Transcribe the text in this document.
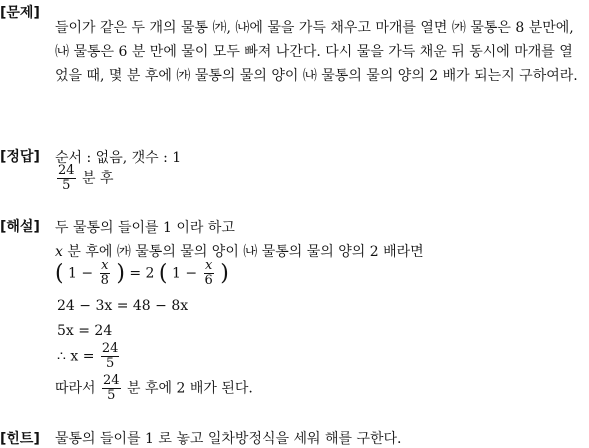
[문제]
들이가 같은 두 개의 물통 ㈎, ㈏에 물을 가득 채우고 마개를 열면 ㈎ 물통은 8 분만에, ㈏ 물통은 6 분 만에 물이 모두 빠져 나간다. 다시 물을 가득 채운 뒤 동시에 마개를 열었을 때, 몇 분 후에 ㈎ 물통의 물의 양이 ㈏ 물통의 물의 양의 2 배가 되는지 구하여라.
[정답] 순서 : 없음, 갯수 : 1
$\frac{24}{5}$ 분 후
[해설] 두 물통의 들이를 1 이라 하고
x 분 후에 ㈎ 물통의 물의 양이 ㈏ 물통의 물의 양의 2 배라면
( $1 - \frac{x}{8}$ ) = 2 ( $1 - \frac{x}{6}$ )
24 − 3x = 48 − 8x
5x = 24
∴ $x = \frac{24}{5}$
따라서 $\frac{24}{5}$ 분 후에 2 배가 된다.
[힌트] 물통의 들이를 1 로 놓고 일차방정식을 세워 해를 구한다.
